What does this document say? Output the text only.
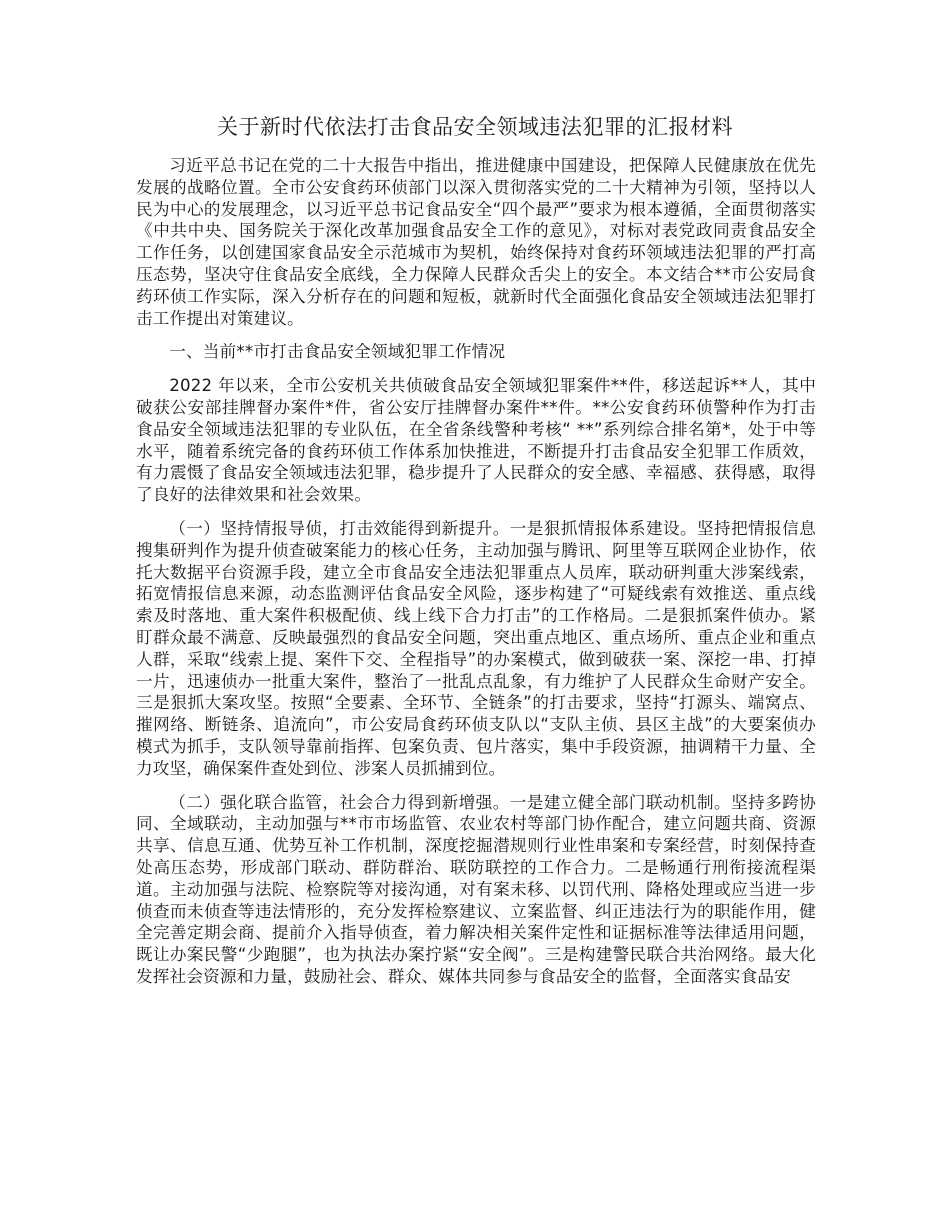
关于新时代依法打击食品安全领域违法犯罪的汇报材料

习近平总书记在党的二十大报告中指出，推进健康中国建设，把保障人民健康放在优先发展的战略位置。全市公安食药环侦部门以深入贯彻落实党的二十大精神为引领，坚持以人民为中心的发展理念，以习近平总书记食品安全“四个最严”要求为根本遵循，全面贯彻落实《中共中央、国务院关于深化改革加强食品安全工作的意见》，对标对表党政同责食品安全工作任务，以创建国家食品安全示范城市为契机，始终保持对食药环领域违法犯罪的严打高压态势，坚决守住食品安全底线，全力保障人民群众舌尖上的安全。本文结合**市公安局食药环侦工作实际，深入分析存在的问题和短板，就新时代全面强化食品安全领域违法犯罪打击工作提出对策建议。

一、当前**市打击食品安全领域犯罪工作情况

2022 年以来，全市公安机关共侦破食品安全领域犯罪案件**件，移送起诉**人，其中破获公安部挂牌督办案件*件，省公安厅挂牌督办案件**件。**公安食药环侦警种作为打击食品安全领域违法犯罪的专业队伍，在全省条线警种考核“ **”系列综合排名第*，处于中等水平，随着系统完备的食药环侦工作体系加快推进，不断提升打击食品安全犯罪工作质效，有力震慑了食品安全领域违法犯罪，稳步提升了人民群众的安全感、幸福感、获得感，取得了良好的法律效果和社会效果。

（一）坚持情报导侦，打击效能得到新提升。一是狠抓情报体系建设。坚持把情报信息搜集研判作为提升侦查破案能力的核心任务，主动加强与腾讯、阿里等互联网企业协作，依托大数据平台资源手段，建立全市食品安全违法犯罪重点人员库，联动研判重大涉案线索，拓宽情报信息来源，动态监测评估食品安全风险，逐步构建了“可疑线索有效推送、重点线索及时落地、重大案件积极配侦、线上线下合力打击”的工作格局。二是狠抓案件侦办。紧盯群众最不满意、反映最强烈的食品安全问题，突出重点地区、重点场所、重点企业和重点人群，采取“线索上提、案件下交、全程指导”的办案模式，做到破获一案、深挖一串、打掉一片，迅速侦办一批重大案件，整治了一批乱点乱象，有力维护了人民群众生命财产安全。三是狠抓大案攻坚。按照“全要素、全环节、全链条”的打击要求，坚持“打源头、端窝点、摧网络、断链条、追流向”，市公安局食药环侦支队以“支队主侦、县区主战”的大要案侦办模式为抓手，支队领导靠前指挥、包案负责、包片落实，集中手段资源，抽调精干力量、全力攻坚，确保案件查处到位、涉案人员抓捕到位。

（二）强化联合监管，社会合力得到新增强。一是建立健全部门联动机制。坚持多跨协同、全域联动，主动加强与**市市场监管、农业农村等部门协作配合，建立问题共商、资源共享、信息互通、优势互补工作机制，深度挖掘潜规则行业性串案和专案经营，时刻保持查处高压态势，形成部门联动、群防群治、联防联控的工作合力。二是畅通行刑衔接流程渠道。主动加强与法院、检察院等对接沟通，对有案未移、以罚代刑、降格处理或应当进一步侦查而未侦查等违法情形的，充分发挥检察建议、立案监督、纠正违法行为的职能作用，健全完善定期会商、提前介入指导侦查，着力解决相关案件定性和证据标准等法律适用问题，既让办案民警“少跑腿”，也为执法办案拧紧“安全阀”。三是构建警民联合共治网络。最大化发挥社会资源和力量，鼓励社会、群众、媒体共同参与食品安全的监督，全面落实食品安
